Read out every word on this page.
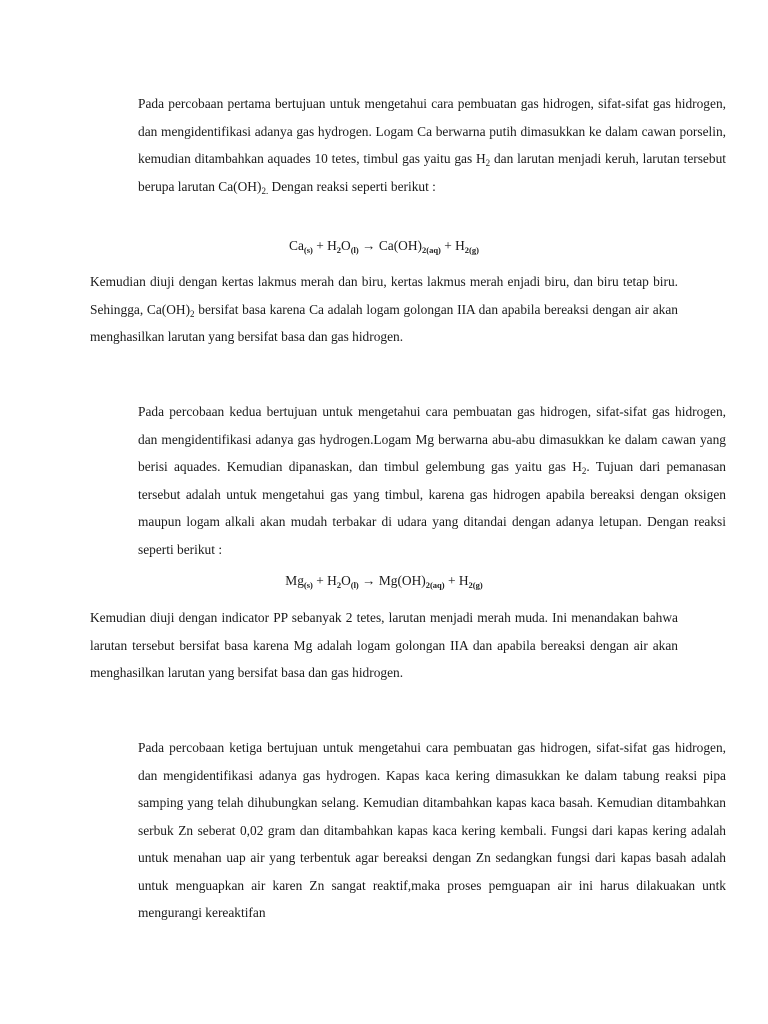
Pada percobaan pertama bertujuan untuk mengetahui cara pembuatan gas hidrogen, sifat-sifat gas hidrogen, dan mengidentifikasi adanya gas hydrogen. Logam Ca berwarna putih dimasukkan ke dalam cawan porselin, kemudian ditambahkan aquades 10 tetes, timbul gas yaitu gas $H_2$ dan larutan menjadi keruh, larutan tersebut berupa larutan $Ca(OH)_{2.}$ Dengan reaksi seperti berikut :

$Ca_{(s)} + H_2O_{(l)} \to Ca(OH)_{2(aq)} + H_{2(g)}$

Kemudian diuji dengan kertas lakmus merah dan biru, kertas lakmus merah enjadi biru, dan biru tetap biru. Sehingga, $Ca(OH)_2$ bersifat basa karena Ca adalah logam golongan IIA dan apabila bereaksi dengan air akan menghasilkan larutan yang bersifat basa dan gas hidrogen.

Pada percobaan kedua bertujuan untuk mengetahui cara pembuatan gas hidrogen, sifat-sifat gas hidrogen, dan mengidentifikasi adanya gas hydrogen.Logam Mg berwarna abu-abu dimasukkan ke dalam cawan yang berisi aquades. Kemudian dipanaskan, dan timbul gelembung gas yaitu gas $H_2$. Tujuan dari pemanasan tersebut adalah untuk mengetahui gas yang timbul, karena gas hidrogen apabila bereaksi dengan oksigen maupun logam alkali akan mudah terbakar di udara yang ditandai dengan adanya letupan. Dengan reaksi seperti berikut :

$Mg_{(s)} + H_2O_{(l)} \to Mg(OH)_{2(aq)} + H_{2(g)}$

Kemudian diuji dengan indicator PP sebanyak 2 tetes, larutan menjadi merah muda. Ini menandakan bahwa larutan tersebut bersifat basa karena Mg adalah logam golongan IIA dan apabila bereaksi dengan air akan menghasilkan larutan yang bersifat basa dan gas hidrogen.

Pada percobaan ketiga bertujuan untuk mengetahui cara pembuatan gas hidrogen, sifat-sifat gas hidrogen, dan mengidentifikasi adanya gas hydrogen. Kapas kaca kering dimasukkan ke dalam tabung reaksi pipa samping yang telah dihubungkan selang. Kemudian ditambahkan kapas kaca basah. Kemudian ditambahkan serbuk Zn seberat 0,02 gram dan ditambahkan kapas kaca kering kembali. Fungsi dari kapas kering adalah untuk menahan uap air yang terbentuk agar bereaksi dengan Zn sedangkan fungsi dari kapas basah adalah untuk menguapkan air karen Zn sangat reaktif,maka proses pemguapan air ini harus dilakuakan untk mengurangi kereaktifan
